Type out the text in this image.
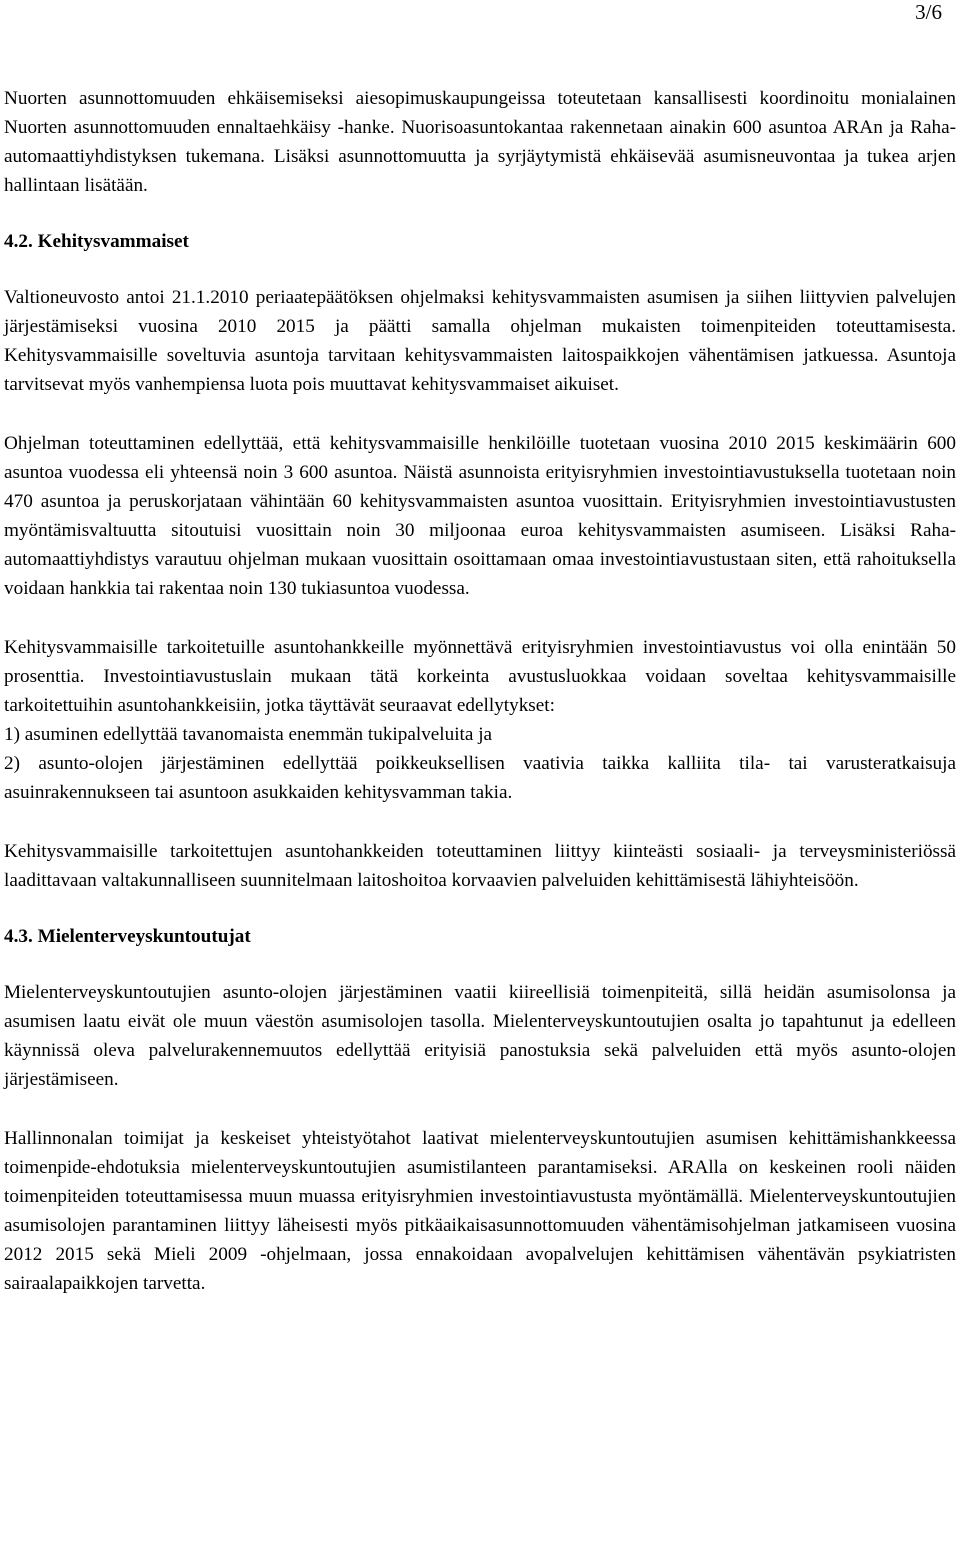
3/6

Nuorten asunnottomuuden ehkäisemiseksi aiesopimuskaupungeissa toteutetaan kansallisesti koordinoitu monialainen Nuorten asunnottomuuden ennaltaehkäisy -hanke. Nuorisoasuntokantaa rakennetaan ainakin 600 asuntoa ARAn ja Raha-automaattiyhdistyksen tukemana. Lisäksi asunnottomuutta ja syrjäytymistä ehkäisevää asumisneuvontaa ja tukea arjen hallintaan lisätään.

4.2. Kehitysvammaiset

Valtioneuvosto antoi 21.1.2010 periaatepäätöksen ohjelmaksi kehitysvammaisten asumisen ja siihen liittyvien palvelujen järjestämiseksi vuosina 2010 2015 ja päätti samalla ohjelman mukaisten toimenpiteiden toteuttamisesta. Kehitysvammaisille soveltuvia asuntoja tarvitaan kehitysvammaisten laitospaikkojen vähentämisen jatkuessa. Asuntoja tarvitsevat myös vanhempiensa luota pois muuttavat kehitysvammaiset aikuiset.

Ohjelman toteuttaminen edellyttää, että kehitysvammaisille henkilöille tuotetaan vuosina 2010 2015 keskimäärin 600 asuntoa vuodessa eli yhteensä noin 3 600 asuntoa. Näistä asunnoista erityisryhmien investointiavustuksella tuotetaan noin 470 asuntoa ja peruskorjataan vähintään 60 kehitysvammaisten asuntoa vuosittain. Erityisryhmien investointiavustusten myöntämisvaltuutta sitoutuisi vuosittain noin 30 miljoonaa euroa kehitysvammaisten asumiseen. Lisäksi Raha-automaattiyhdistys varautuu ohjelman mukaan vuosittain osoittamaan omaa investointiavustustaan siten, että rahoituksella voidaan hankkia tai rakentaa noin 130 tukiasuntoa vuodessa.

Kehitysvammaisille tarkoitetuille asuntohankkeille myönnettävä erityisryhmien investointiavustus voi olla enintään 50 prosenttia. Investointiavustuslain mukaan tätä korkeinta avustusluokkaa voidaan soveltaa kehitysvammaisille tarkoitettuihin asuntohankkeisiin, jotka täyttävät seuraavat edellytykset:

1) asuminen edellyttää tavanomaista enemmän tukipalveluita ja

2) asunto-olojen järjestäminen edellyttää poikkeuksellisen vaativia taikka kalliita tila- tai varusteratkaisuja asuinrakennukseen tai asuntoon asukkaiden kehitysvamman takia.

Kehitysvammaisille tarkoitettujen asuntohankkeiden toteuttaminen liittyy kiinteästi sosiaali- ja terveysministeriössä laadittavaan valtakunnalliseen suunnitelmaan laitoshoitoa korvaavien palveluiden kehittämisestä lähiyhteisöön.

4.3. Mielenterveyskuntoutujat

Mielenterveyskuntoutujien asunto-olojen järjestäminen vaatii kiireellisiä toimenpiteitä, sillä heidän asumisolonsa ja asumisen laatu eivät ole muun väestön asumisolojen tasolla. Mielenterveyskuntoutujien osalta jo tapahtunut ja edelleen käynnissä oleva palvelurakennemuutos edellyttää erityisiä panostuksia sekä palveluiden että myös asunto-olojen järjestämiseen.

Hallinnonalan toimijat ja keskeiset yhteistyötahot laativat mielenterveyskuntoutujien asumisen kehittämishankkeessa toimenpide-ehdotuksia mielenterveyskuntoutujien asumistilanteen parantamiseksi. ARAlla on keskeinen rooli näiden toimenpiteiden toteuttamisessa muun muassa erityisryhmien investointiavustusta myöntämällä. Mielenterveyskuntoutujien asumisolojen parantaminen liittyy läheisesti myös pitkäaikaisasunnottomuuden vähentämisohjelman jatkamiseen vuosina 2012 2015 sekä Mieli 2009 -ohjelmaan, jossa ennakoidaan avopalvelujen kehittämisen vähentävän psykiatristen sairaalapaikkojen tarvetta.
